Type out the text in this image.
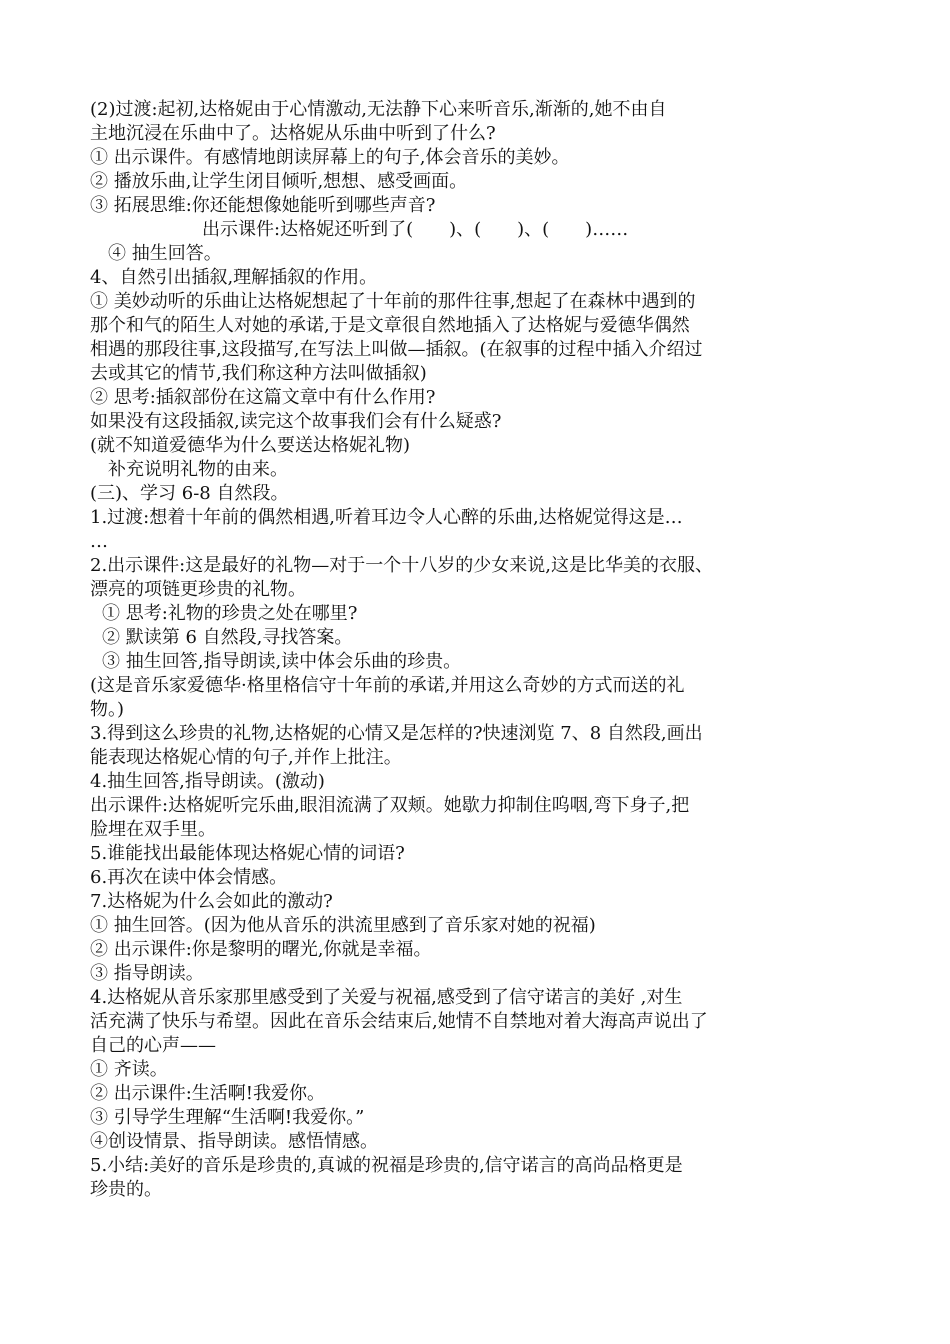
(2)过渡:起初,达格妮由于心情激动,无法静下心来听音乐,渐渐的,她不由自
主地沉浸在乐曲中了。达格妮从乐曲中听到了什么?
① 出示课件。有感情地朗读屏幕上的句子,体会音乐的美妙。
② 播放乐曲,让学生闭目倾听,想想、感受画面。
③ 拓展思维:你还能想像她能听到哪些声音?
出示课件:达格妮还听到了(　　)、(　　)、(　　)……
④ 抽生回答。
4、自然引出插叙,理解插叙的作用。
① 美妙动听的乐曲让达格妮想起了十年前的那件往事,想起了在森林中遇到的
那个和气的陌生人对她的承诺,于是文章很自然地插入了达格妮与爱德华偶然
相遇的那段往事,这段描写,在写法上叫做—插叙。(在叙事的过程中插入介绍过
去或其它的情节,我们称这种方法叫做插叙)
② 思考:插叙部份在这篇文章中有什么作用?
如果没有这段插叙,读完这个故事我们会有什么疑惑?
(就不知道爱德华为什么要送达格妮礼物)
补充说明礼物的由来。
(三)、学习 6-8 自然段。
1.过渡:想着十年前的偶然相遇,听着耳边令人心醉的乐曲,达格妮觉得这是…
…
2.出示课件:这是最好的礼物—对于一个十八岁的少女来说,这是比华美的衣服、
漂亮的项链更珍贵的礼物。
① 思考:礼物的珍贵之处在哪里?
② 默读第 6 自然段,寻找答案。
③ 抽生回答,指导朗读,读中体会乐曲的珍贵。
(这是音乐家爱德华·格里格信守十年前的承诺,并用这么奇妙的方式而送的礼
物。)
3.得到这么珍贵的礼物,达格妮的心情又是怎样的?快速浏览 7、8 自然段,画出
能表现达格妮心情的句子,并作上批注。
4.抽生回答,指导朗读。(激动)
出示课件:达格妮听完乐曲,眼泪流满了双颊。她歇力抑制住呜咽,弯下身子,把
脸埋在双手里。
5.谁能找出最能体现达格妮心情的词语?
6.再次在读中体会情感。
7.达格妮为什么会如此的激动?
① 抽生回答。(因为他从音乐的洪流里感到了音乐家对她的祝福)
② 出示课件:你是黎明的曙光,你就是幸福。
③ 指导朗读。
4.达格妮从音乐家那里感受到了关爱与祝福,感受到了信守诺言的美好 ,对生
活充满了快乐与希望。因此在音乐会结束后,她情不自禁地对着大海高声说出了
自己的心声——
① 齐读。
② 出示课件:生活啊!我爱你。
③ 引导学生理解“生活啊!我爱你。”
④创设情景、指导朗读。感悟情感。
5.小结:美好的音乐是珍贵的,真诚的祝福是珍贵的,信守诺言的高尚品格更是
珍贵的。
